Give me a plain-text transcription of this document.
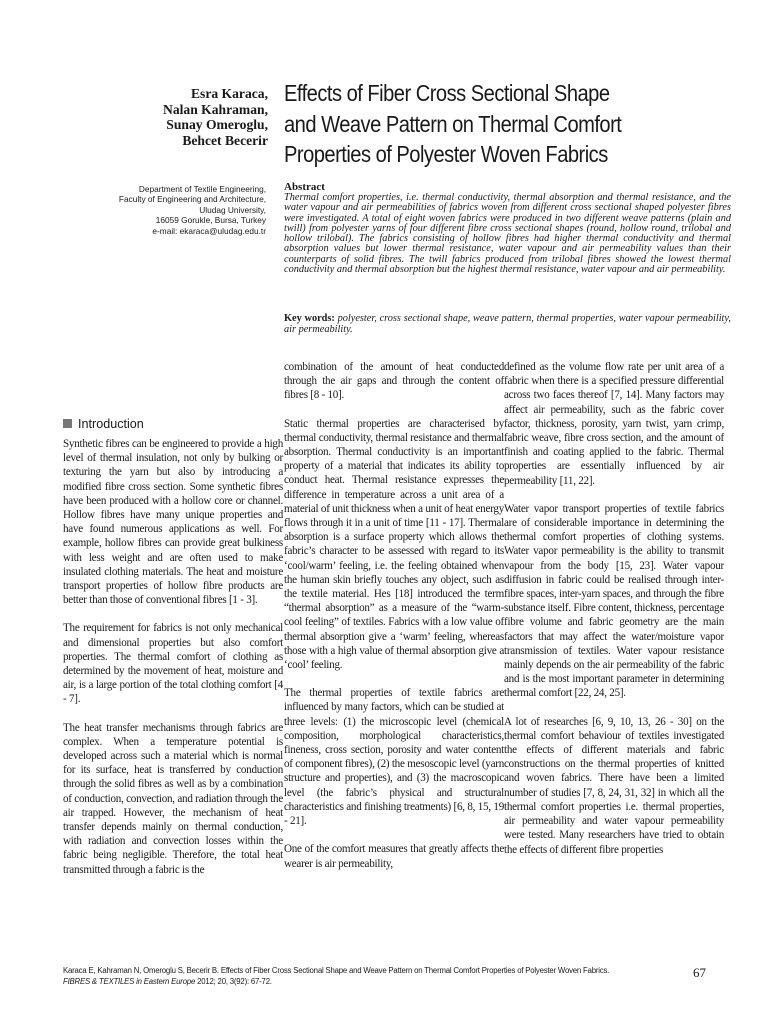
Esra Karaca,
Nalan Kahraman,
Sunay Omeroglu,
Behcet Becerir
Effects of Fiber Cross Sectional Shape
and Weave Pattern on Thermal Comfort
Properties of Polyester Woven Fabrics
Department of Textile Engineering,
Faculty of Engineering and Architecture,
Uludag University,
16059 Gorukle, Bursa, Turkey
e-mail: ekaraca@uludag.edu.tr
Abstract
Thermal comfort properties, i.e. thermal conductivity, thermal absorption and thermal resistance, and the water vapour and air permeabilities of fabrics woven from different cross sectional shaped polyester fibres were investigated. A total of eight woven fabrics were produced in two different weave patterns (plain and twill) from polyester yarns of four different fibre cross sectional shapes (round, hollow round, trilobal and hollow trilobal). The fabrics consisting of hollow fibres had higher thermal conductivity and thermal absorption values but lower thermal resistance, water vapour and air permeability values than their counterparts of solid fibres. The twill fabrics produced from trilobal fibres showed the lowest thermal conductivity and thermal absorption but the highest thermal resistance, water vapour and air permeability.
Key words: polyester, cross sectional shape, weave pattern, thermal properties, water vapour permeability, air permeability.
Introduction

Synthetic fibres can be engineered to provide a high level of thermal insulation, not only by bulking or texturing the yarn but also by introducing a modified fibre cross section. Some synthetic fibres have been produced with a hollow core or channel. Hollow fibres have many unique properties and have found numerous applications as well. For example, hollow fibres can provide great bulkiness with less weight and are often used to make insulated clothing materials. The heat and moisture transport properties of hollow fibre products are better than those of conventional fibres [1 - 3].

The requirement for fabrics is not only mechanical and dimensional properties but also comfort properties. The thermal comfort of clothing as determined by the movement of heat, moisture and air, is a large portion of the total clothing comfort [4 - 7].

The heat transfer mechanisms through fabrics are complex. When a temperature potential is developed across such a material which is normal for its surface, heat is transferred by conduction through the solid fibres as well as by a combination of conduction, convection, and radiation through the air trapped. However, the mechanism of heat transfer depends mainly on thermal conduction, with radiation and convection losses within the fabric being negligible. Therefore, the total heat transmitted through a fabric is the

combination of the amount of heat conducted through the air gaps and through the content of fibres [8 - 10].

Static thermal properties are characterised by thermal conductivity, thermal resistance and thermal absorption. Thermal conductivity is an important property of a material that indicates its ability to conduct heat. Thermal resistance expresses the difference in temperature across a unit area of a material of unit thickness when a unit of heat energy flows through it in a unit of time [11 - 17]. Thermal absorption is a surface property which allows the fabric’s character to be assessed with regard to its ‘cool/warm’ feeling, i.e. the feeling obtained when the human skin briefly touches any object, such as the textile material. Hes [18] introduced the term “thermal absorption” as a measure of the “warm-cool feeling” of textiles. Fabrics with a low value of thermal absorption give a ‘warm’ feeling, whereas those with a high value of thermal absorption give a ‘cool’ feeling.

The thermal properties of textile fabrics are influenced by many factors, which can be studied at three levels: (1) the microscopic level (chemical composition, morphological characteristics, fineness, cross section, porosity and water content of component fibres), (2) the mesoscopic level (yarn structure and properties), and (3) the macroscopic level (the fabric’s physical and structural characteristics and finishing treatments) [6, 8, 15, 19 - 21].

One of the comfort measures that greatly affects the wearer is air permeability,

defined as the volume flow rate per unit area of a fabric when there is a specified pressure differential across two faces thereof [7, 14]. Many factors may affect air permeability, such as the fabric cover factor, thickness, porosity, yarn twist, yarn crimp, fabric weave, fibre cross section, and the amount of finish and coating applied to the fabric. Thermal properties are essentially influenced by air permeability [11, 22].

Water vapor transport properties of textile fabrics are of considerable importance in determining the thermal comfort properties of clothing systems. Water vapor permeability is the ability to transmit vapour from the body [15, 23]. Water vapour diffusion in fabric could be realised through inter-fibre spaces, inter-yarn spaces, and through the fibre substance itself. Fibre content, thickness, percentage fibre volume and fabric geometry are the main factors that may affect the water/moisture vapor transmission of textiles. Water vapour resistance mainly depends on the air permeability of the fabric and is the most important parameter in determining thermal comfort [22, 24, 25].

A lot of researches [6, 9, 10, 13, 26 - 30] on the thermal comfort behaviour of textiles investigated the effects of different materials and fabric constructions on the thermal properties of knitted and woven fabrics. There have been a limited number of studies [7, 8, 24, 31, 32] in which all the thermal comfort properties i.e. thermal properties, air permeability and water vapour permeability were tested. Many researchers have tried to obtain the effects of different fibre properties

Karaca E, Kahraman N, Omeroglu S, Becerir B. Effects of Fiber Cross Sectional Shape and Weave Pattern on Thermal Comfort Properties of Polyester Woven Fabrics.
FIBRES & TEXTILES in Eastern Europe 2012; 20, 3(92): 67-72.
67
